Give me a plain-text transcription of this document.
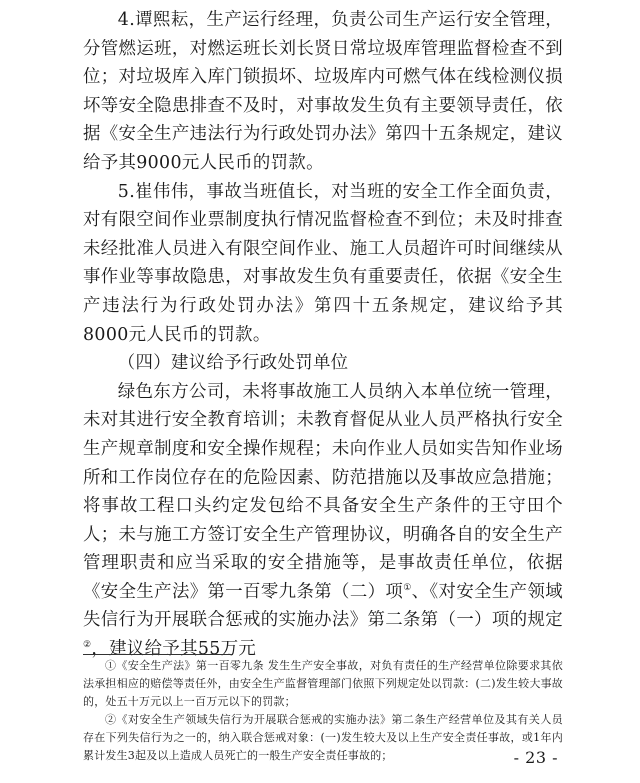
4.谭熙耘，生产运行经理，负责公司生产运行安全管理，分管燃运班，对燃运班长刘长贤日常垃圾库管理监督检查不到位；对垃圾库入库门锁损坏、垃圾库内可燃气体在线检测仪损坏等安全隐患排查不及时，对事故发生负有主要领导责任，依据《安全生产违法行为行政处罚办法》第四十五条规定，建议给予其9000元人民币的罚款。

5.崔伟伟，事故当班值长，对当班的安全工作全面负责，对有限空间作业票制度执行情况监督检查不到位；未及时排查未经批准人员进入有限空间作业、施工人员超许可时间继续从事作业等事故隐患，对事故发生负有重要责任，依据《安全生产违法行为行政处罚办法》第四十五条规定，建议给予其8000元人民币的罚款。

（四）建议给予行政处罚单位

绿色东方公司，未将事故施工人员纳入本单位统一管理，未对其进行安全教育培训；未教育督促从业人员严格执行安全生产规章制度和安全操作规程；未向作业人员如实告知作业场所和工作岗位存在的危险因素、防范措施以及事故应急措施；将事故工程口头约定发包给不具备安全生产条件的王守田个人；未与施工方签订安全生产管理协议，明确各自的安全生产管理职责和应当采取的安全措施等，是事故责任单位，依据《安全生产法》第一百零九条第（二）项①、《对安全生产领域失信行为开展联合惩戒的实施办法》第二条第（一）项的规定②，建议给予其55万元

①《安全生产法》第一百零九条 发生生产安全事故，对负有责任的生产经营单位除要求其依法承担相应的赔偿等责任外，由安全生产监督管理部门依照下列规定处以罚款：(二)发生较大事故的，处五十万元以上一百万元以下的罚款；

②《对安全生产领域失信行为开展联合惩戒的实施办法》第二条生产经营单位及其有关人员存在下列失信行为之一的，纳入联合惩戒对象：(一)发生较大及以上生产安全责任事故，或1年内累计发生3起及以上造成人员死亡的一般生产安全责任事故的；	- 23 -
